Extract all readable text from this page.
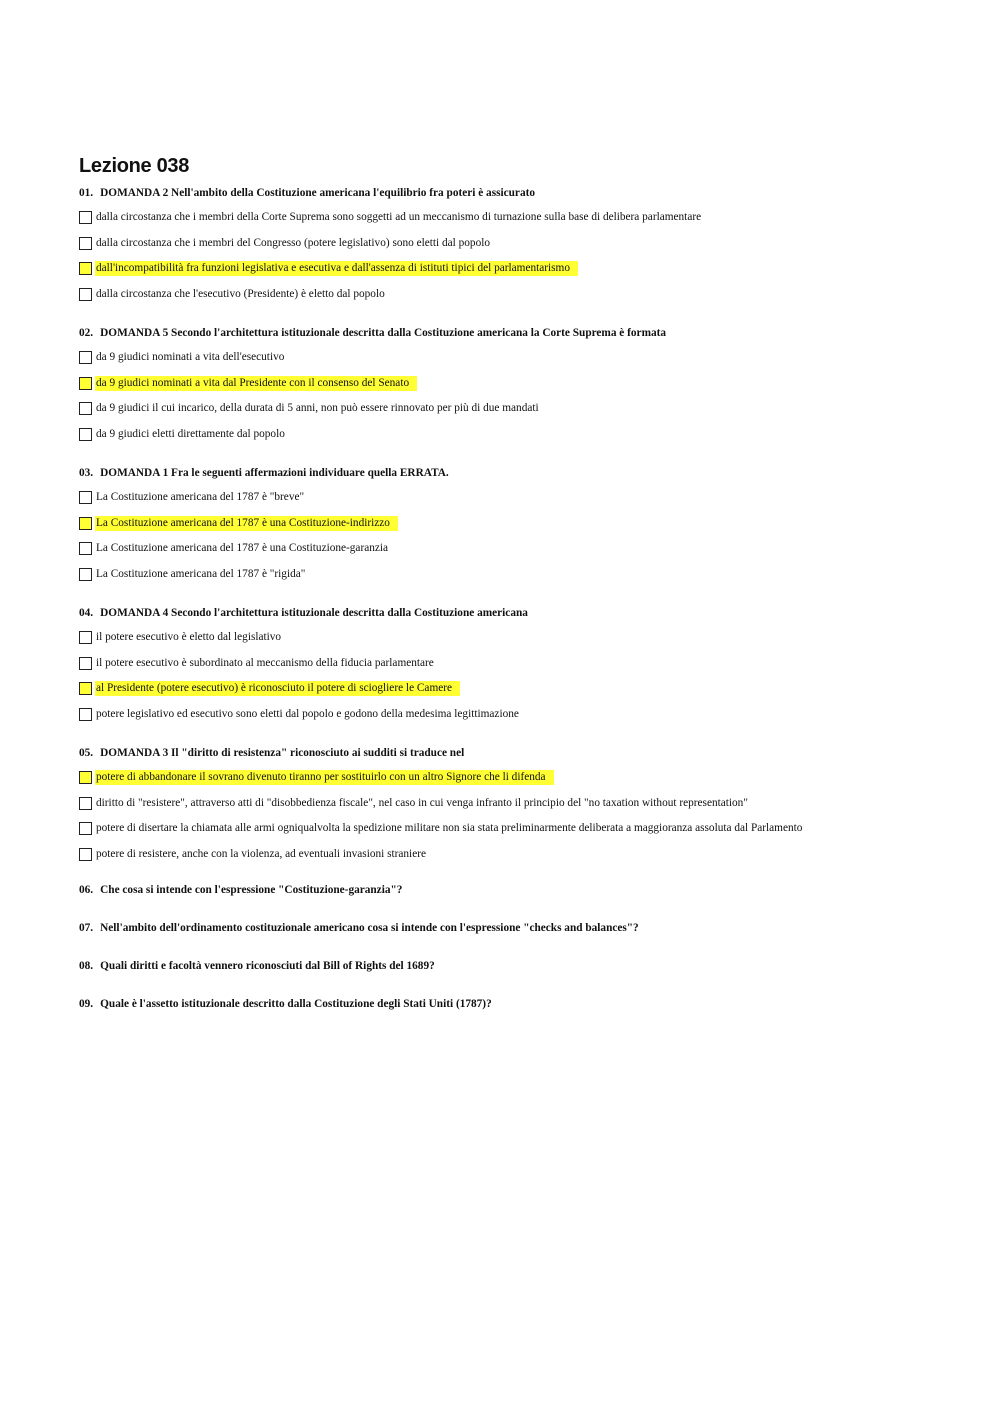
Lezione 038
01. DOMANDA 2 Nell'ambito della Costituzione americana l'equilibrio fra poteri è assicurato
dalla circostanza che i membri della Corte Suprema sono soggetti ad un meccanismo di turnazione sulla base di delibera parlamentare
dalla circostanza che i membri del Congresso (potere legislativo) sono eletti dal popolo
dall'incompatibilità fra funzioni legislativa e esecutiva e dall'assenza di istituti tipici del parlamentarismo
dalla circostanza che l'esecutivo (Presidente) è eletto dal popolo
02. DOMANDA 5 Secondo l'architettura istituzionale descritta dalla Costituzione americana la Corte Suprema è formata
da 9 giudici nominati a vita dell'esecutivo
da 9 giudici nominati a vita dal Presidente con il consenso del Senato
da 9 giudici il cui incarico, della durata di 5 anni, non può essere rinnovato per più di due mandati
da 9 giudici eletti direttamente dal popolo
03. DOMANDA 1 Fra le seguenti affermazioni individuare quella ERRATA.
La Costituzione americana del 1787 è "breve"
La Costituzione americana del 1787 è una Costituzione-indirizzo
La Costituzione americana del 1787 è una Costituzione-garanzia
La Costituzione americana del 1787 è "rigida"
04. DOMANDA 4 Secondo l'architettura istituzionale descritta dalla Costituzione americana
il potere esecutivo è eletto dal legislativo
il potere esecutivo è subordinato al meccanismo della fiducia parlamentare
al Presidente (potere esecutivo) è riconosciuto il potere di sciogliere le Camere
potere legislativo ed esecutivo sono eletti dal popolo e godono della medesima legittimazione
05. DOMANDA 3 Il "diritto di resistenza" riconosciuto ai sudditi si traduce nel
potere di abbandonare il sovrano divenuto tiranno per sostituirlo con un altro Signore che li difenda
diritto di "resistere", attraverso atti di "disobbedienza fiscale", nel caso in cui venga infranto il principio del "no taxation without representation"
potere di disertare la chiamata alle armi ogniqualvolta la spedizione militare non sia stata preliminarmente deliberata a maggioranza assoluta dal Parlamento
potere di resistere, anche con la violenza, ad eventuali invasioni straniere
06. Che cosa si intende con l'espressione "Costituzione-garanzia"?
07. Nell'ambito dell'ordinamento costituzionale americano cosa si intende con l'espressione "checks and balances"?
08. Quali diritti e facoltà vennero riconosciuti dal Bill of Rights del 1689?
09. Quale è l'assetto istituzionale descritto dalla Costituzione degli Stati Uniti (1787)?
